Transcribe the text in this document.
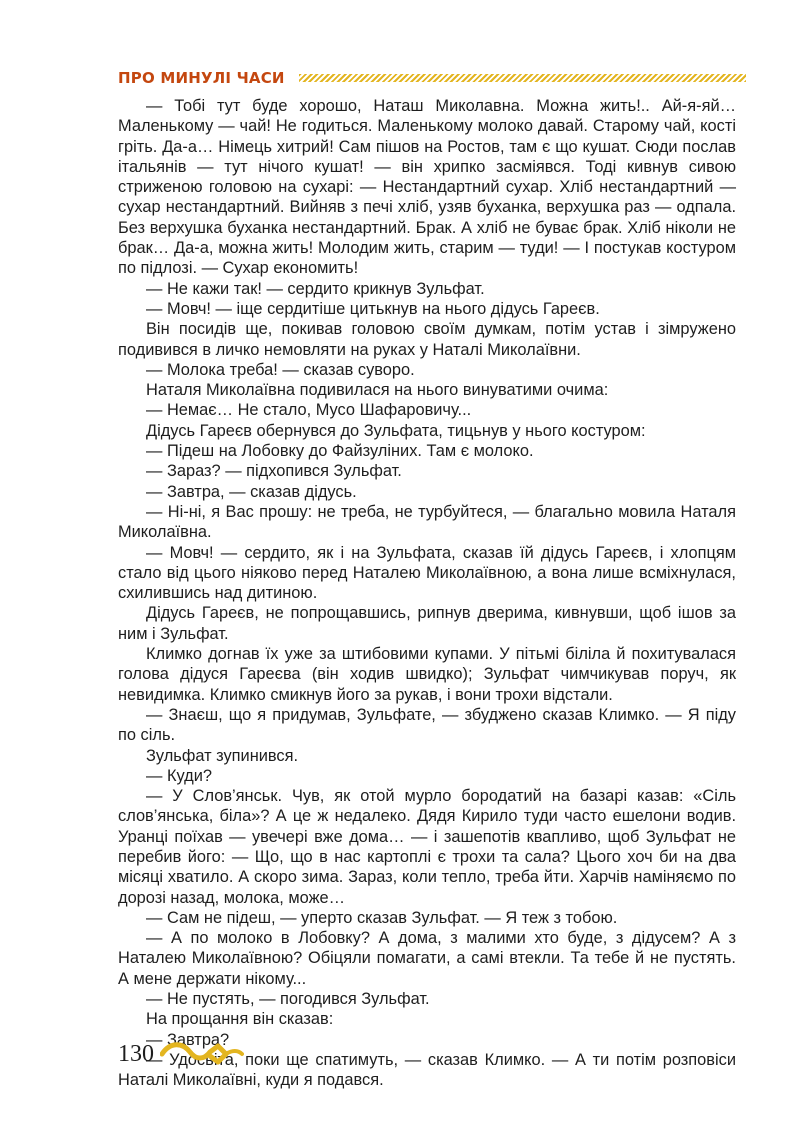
ПРО МИНУЛІ ЧАСИ

— Тобі тут буде хорошо, Наташ Миколавна. Можна жить!.. Ай-я-яй… Маленькому — чай! Не годиться. Маленькому молоко давай. Старому чай, кості гріть. Да-а… Німець хитрий! Сам пішов на Ростов, там є що кушат. Сюди послав італьянів — тут нічого кушат! — він хрипко засміявся. Тоді кивнув сивою стриженою головою на сухарі: — Нестандартний сухар. Хліб нестандартний — сухар нестандартний. Вийняв з печі хліб, узяв буханка, верхушка раз — одпала. Без верхушка буханка нестандартний. Брак. А хліб не буває брак. Хліб ніколи не брак… Да-а, можна жить! Молодим жить, старим — туди! — І постукав костуром по підлозі. — Сухар економить!

— Не кажи так! — сердито крикнув Зульфат.

— Мовч! — іще сердитіше цитькнув на нього дідусь Гареєв.

Він посидів ще, покивав головою своїм думкам, потім устав і зімружено подивився в личко немовляти на руках у Наталі Миколаївни.

— Молока треба! — сказав суворо.

Наталя Миколаївна подивилася на нього винуватими очима:

— Немає… Не стало, Мусо Шафаровичу...

Дідусь Гареєв обернувся до Зульфата, тицьнув у нього костуром:

— Підеш на Лобовку до Файзуліних. Там є молоко.

— Зараз? — підхопився Зульфат.

— Завтра, — сказав дідусь.

— Ні-ні, я Вас прошу: не треба, не турбуйтеся, — благально мовила Наталя Миколаївна.

— Мовч! — сердито, як і на Зульфата, сказав їй дідусь Гареєв, і хлопцям стало від цього ніяково перед Наталею Миколаївною, а вона лише всміхнулася, схилившись над дитиною.

Дідусь Гареєв, не попрощавшись, рипнув дверима, кивнувши, щоб ішов за ним і Зульфат.

Климко догнав їх уже за штибовими купами. У пітьмі біліла й похитувалася голова дідуся Гареєва (він ходив швидко); Зульфат чимчикував поруч, як невидимка. Климко смикнув його за рукав, і вони трохи відстали.

— Знаєш, що я придумав, Зульфате, — збуджено сказав Климко. — Я піду по сіль.

Зульфат зупинився.

— Куди?

— У Слов’янськ. Чув, як отой мурло бородатий на базарі казав: «Сіль слов’янська, біла»? А це ж недалеко. Дядя Кирило туди часто ешелони водив. Уранці поїхав — увечері вже дома… — і зашепотів квапливо, щоб Зульфат не перебив його: — Що, що в нас картоплі є трохи та сала? Цього хоч би на два місяці хватило. А скоро зима. Зараз, коли тепло, треба йти. Харчів наміняємо по дорозі назад, молока, може…

— Сам не підеш, — уперто сказав Зульфат. — Я теж з тобою.

— А по молоко в Лобовку? А дома, з малими хто буде, з дідусем? А з Наталею Миколаївною? Обіцяли помагати, а самі втекли. Та тебе й не пустять. А мене держати нікому...

— Не пустять, — погодився Зульфат.

На прощання він сказав:

— Завтра?

— Удосвіта, поки ще спатимуть, — сказав Климко. — А ти потім розповіси Наталі Миколаївні, куди я подався.

130
